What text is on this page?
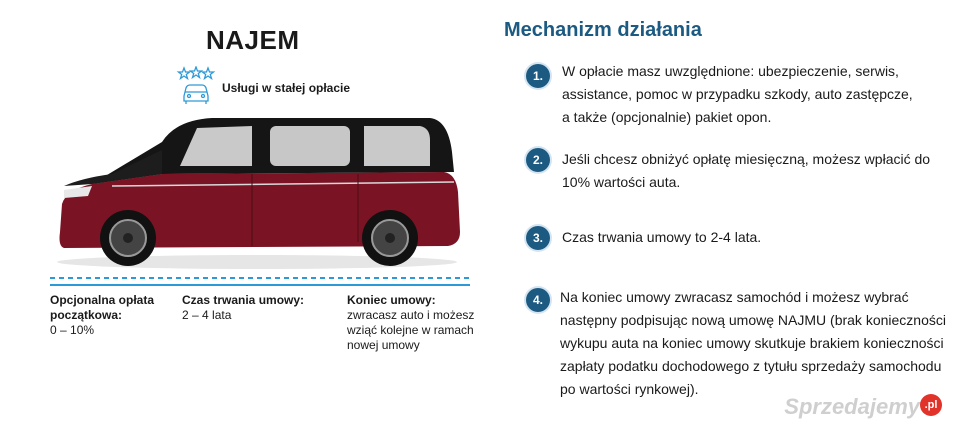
NAJEM
Usługi w stałej opłacie
Opcjonalna opłata początkowa:
0 – 10%
Czas trwania umowy:
2 – 4 lata
Koniec umowy:
zwracasz auto i możesz wziąć kolejne w ramach nowej umowy
Mechanizm działania
1.	W opłacie masz uwzględnione: ubezpieczenie, serwis, assistance, pomoc w przypadku szkody, auto zastępcze, a także (opcjonalnie) pakiet opon.
2.	Jeśli chcesz obniżyć opłatę miesięczną, możesz wpłacić do 10% wartości auta.
3.	Czas trwania umowy to 2-4 lata.
4.	Na koniec umowy zwracasz samochód i możesz wybrać następny podpisując nową umowę NAJMU (brak konieczności wykupu auta na koniec umowy skutkuje brakiem konieczności zapłaty podatku dochodowego z tytułu sprzedaży samochodu po wartości rynkowej).
Sprzedajemy .pl
